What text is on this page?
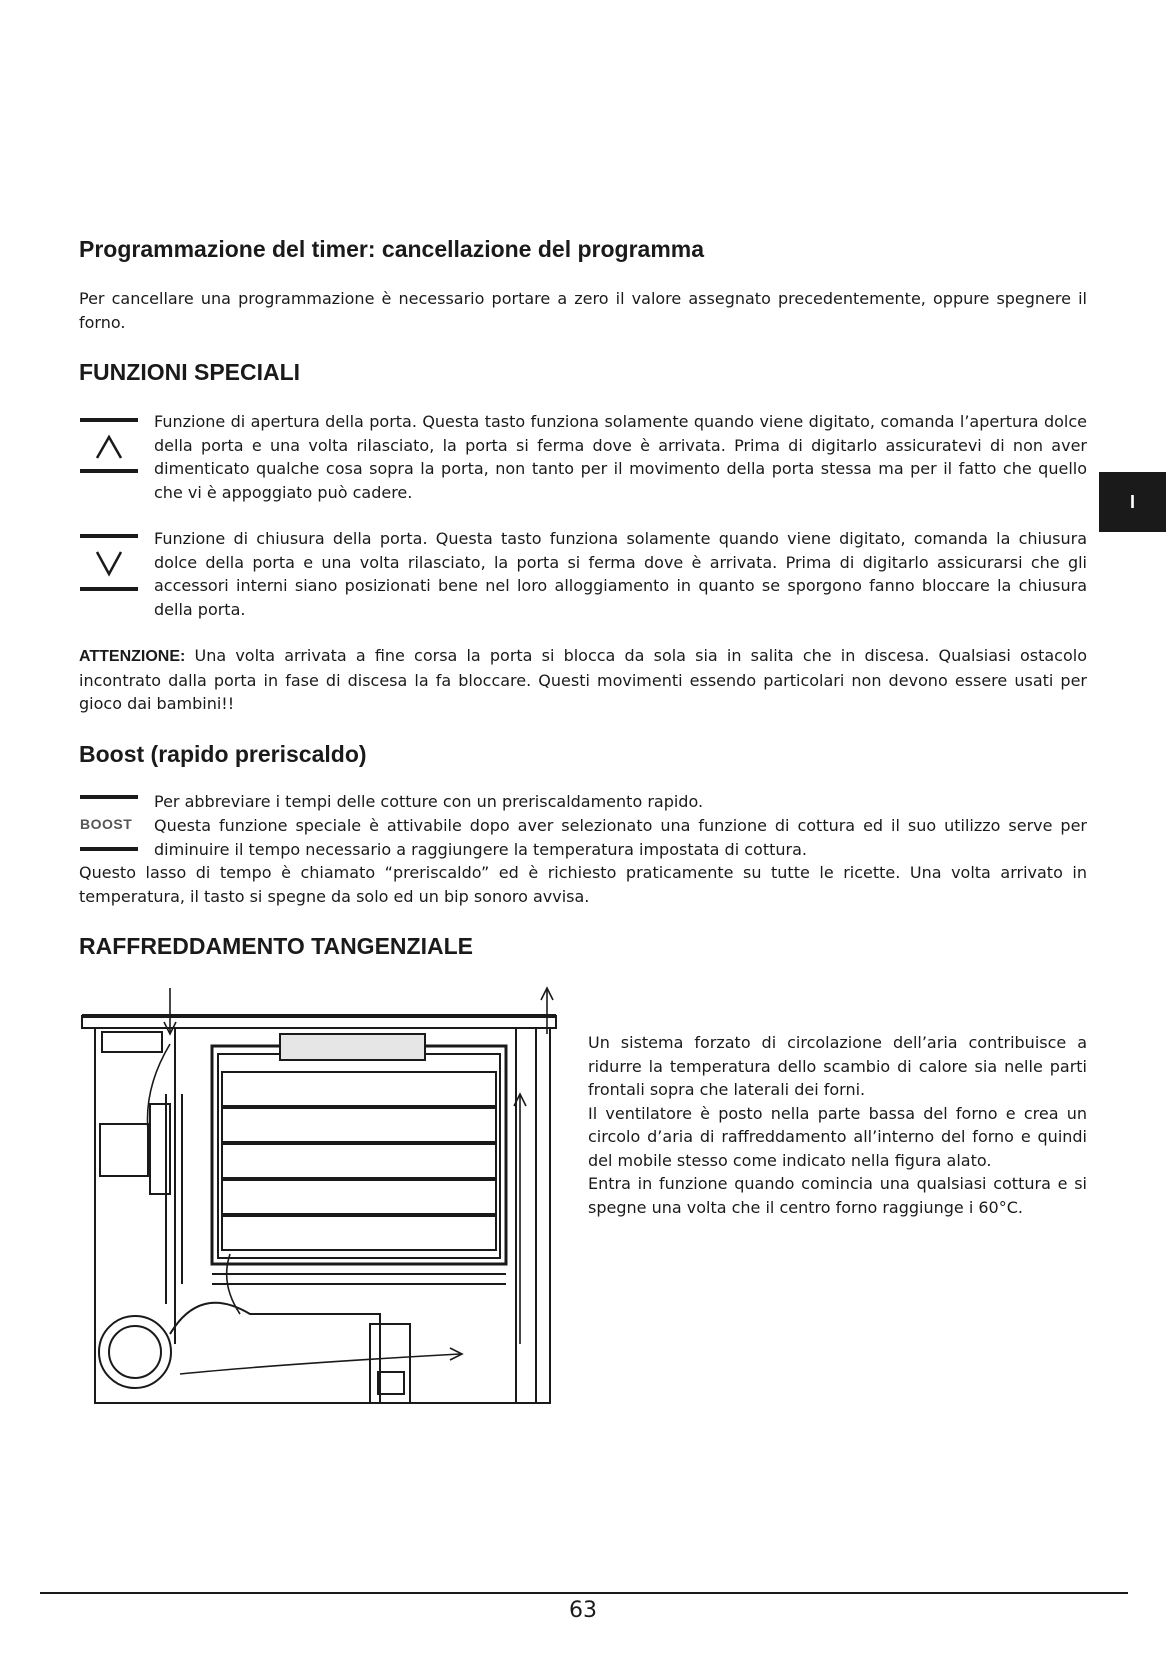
Programmazione del timer: cancellazione del programma

Per cancellare una programmazione è necessario portare a zero il valore assegnato precedentemente, oppure spegnere il forno.

FUNZIONI SPECIALI

Funzione di apertura della porta. Questa tasto funziona solamente quando viene digitato, comanda l’apertura dolce della porta e una volta rilasciato, la porta si ferma dove è arrivata. Prima di digitarlo assicuratevi di non aver dimenticato qualche cosa sopra la porta, non tanto per il movimento della porta stessa ma per il fatto che quello che vi è appoggiato può cadere.

Funzione di chiusura della porta. Questa tasto funziona solamente quando viene digitato, comanda la chiusura dolce della porta e una volta rilasciato, la porta si ferma dove è arrivata. Prima di digitarlo assicurarsi che gli accessori interni siano posizionati bene nel loro alloggiamento in quanto se sporgono fanno bloccare la chiusura della porta.

ATTENZIONE: Una volta arrivata a fine corsa la porta si blocca da sola sia in salita che in discesa. Qualsiasi ostacolo incontrato dalla porta in fase di discesa la fa bloccare. Questi movimenti essendo particolari non devono essere usati per gioco dai bambini!!

Boost (rapido preriscaldo)
BOOST

Per abbreviare i tempi delle cotture con un preriscaldamento rapido.

Questa funzione speciale è attivabile dopo aver selezionato una funzione di cottura ed il suo utilizzo serve per diminuire il tempo necessario a raggiungere la temperatura impostata di cottura.

Questo lasso di tempo è chiamato “preriscaldo” ed è richiesto praticamente su tutte le ricette. Una volta arrivato in temperatura, il tasto si spegne da solo ed un bip sonoro avvisa.

RAFFREDDAMENTO TANGENZIALE
Un sistema forzato di circolazione dell’aria contribuisce a ridurre la temperatura dello scambio di calore sia nelle parti frontali sopra che laterali dei forni.
Il ventilatore è posto nella parte bassa del forno e crea un circolo d’aria di raffreddamento all’interno del forno e quindi del mobile stesso come indicato nella figura alato.
Entra in funzione quando comincia una qualsiasi cottura e si spegne una volta che il centro forno raggiunge i 60°C.
I
63
